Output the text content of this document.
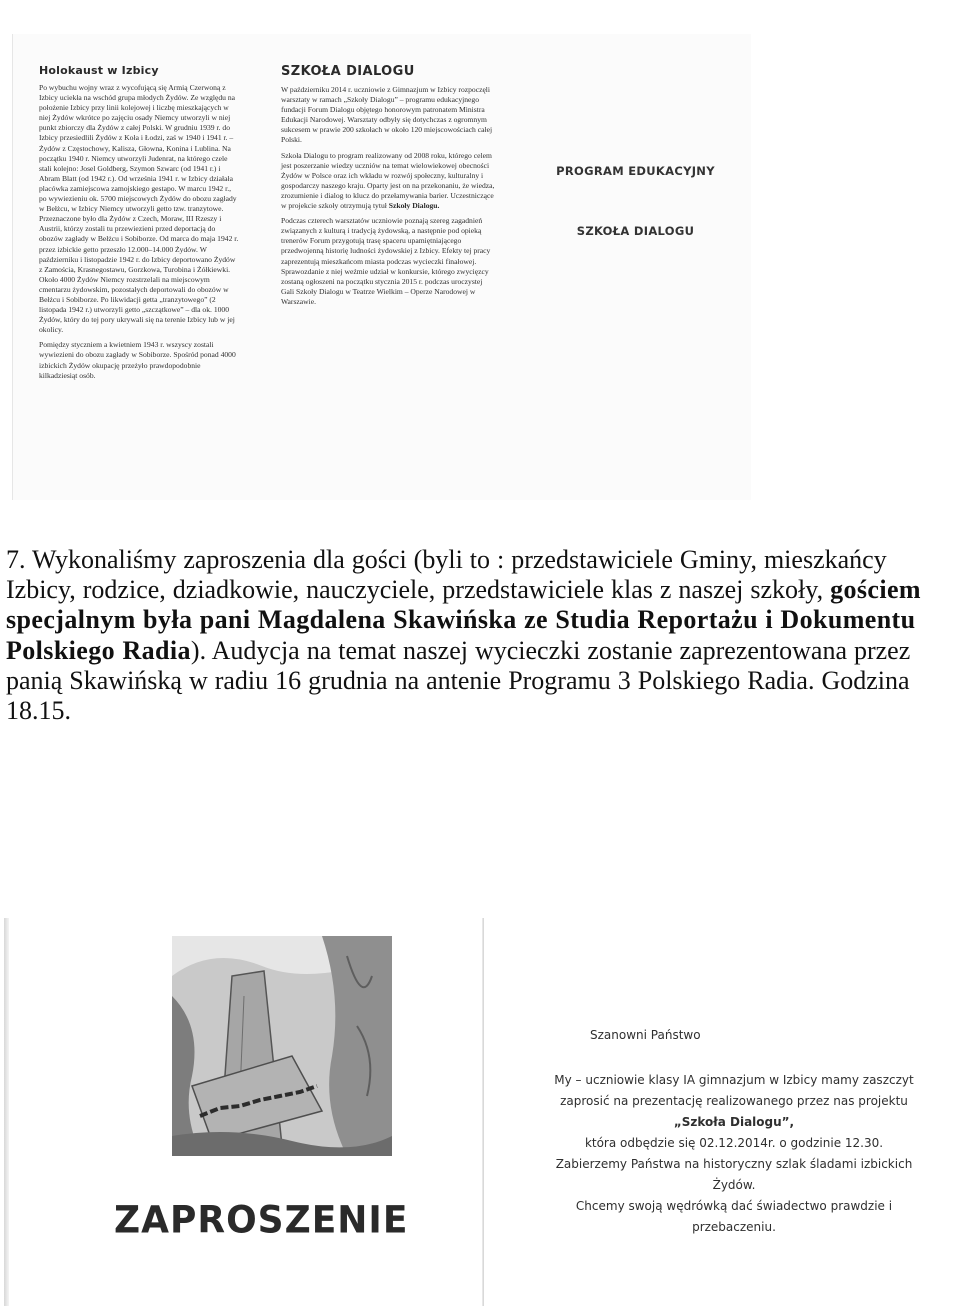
Holokaust w Izbicy

Po wybuchu wojny wraz z wycofującą się Armią Czerwoną z Izbicy uciekła na wschód grupa młodych Żydów. Ze względu na położenie Izbicy przy linii kolejowej i liczbę mieszkających w niej Żydów wkrótce po zajęciu osady Niemcy utworzyli w niej punkt zbiorczy dla Żydów z całej Polski. W grudniu 1939 r. do Izbicy przesiedlili Żydów z Koła i Łodzi, zaś w 1940 i 1941 r. – Żydów z Częstochowy, Kalisza, Głowna, Konina i Lublina. Na początku 1940 r. Niemcy utworzyli Judenrat, na którego czele stali kolejno: Josel Goldberg, Szymon Szwarc (od 1941 r.) i Abram Blatt (od 1942 r.). Od września 1941 r. w Izbicy działała placówka zamiejscowa zamojskiego gestapo. W marcu 1942 r., po wywiezieniu ok. 5700 miejscowych Żydów do obozu zagłady w Bełżcu, w Izbicy Niemcy utworzyli getto tzw. tranzytowe. Przeznaczone było dla Żydów z Czech, Moraw, III Rzeszy i Austrii, którzy zostali tu przewiezieni przed deportacją do obozów zagłady w Bełżcu i Sobiborze. Od marca do maja 1942 r. przez izbickie getto przeszło 12.000–14.000 Żydów. W październiku i listopadzie 1942 r. do Izbicy deportowano Żydów z Zamościa, Krasnegostawu, Gorzkowa, Turobina i Żółkiewki. Około 4000 Żydów Niemcy rozstrzelali na miejscowym cmentarzu żydowskim, pozostałych deportowali do obozów w Bełżcu i Sobiborze. Po likwidacji getta „tranzytowego” (2 listopada 1942 r.) utworzyli getto „szczątkowe” – dla ok. 1000 Żydów, który do tej pory ukrywali się na terenie Izbicy lub w jej okolicy.

Pomiędzy styczniem a kwietniem 1943 r. wszyscy zostali wywiezieni do obozu zagłady w Sobiborze. Spośród ponad 4000 izbickich Żydów okupację przeżyło prawdopodobnie kilkadziesiąt osób.

SZKOŁA DIALOGU

W październiku 2014 r. uczniowie z Gimnazjum w Izbicy rozpoczęli warsztaty w ramach „Szkoły Dialogu” – programu edukacyjnego fundacji Forum Dialogu objętego honorowym patronatem Ministra Edukacji Narodowej. Warsztaty odbyły się dotychczas z ogromnym sukcesem w prawie 200 szkołach w około 120 miejscowościach całej Polski.

Szkoła Dialogu to program realizowany od 2008 roku, którego celem jest poszerzanie wiedzy uczniów na temat wielowiekowej obecności Żydów w Polsce oraz ich wkładu w rozwój społeczny, kulturalny i gospodarczy naszego kraju. Oparty jest on na przekonaniu, że wiedza, zrozumienie i dialog to klucz do przełamywania barier. Uczestniczące w projekcie szkoły otrzymują tytuł Szkoły Dialogu.

Podczas czterech warsztatów uczniowie poznają szereg zagadnień związanych z kulturą i tradycją żydowską, a następnie pod opieką trenerów Forum przygotują trasę spaceru upamiętniającego przedwojenną historię ludności żydowskiej z Izbicy. Efekty tej pracy zaprezentują mieszkańcom miasta podczas wycieczki finałowej. Sprawozdanie z niej weźmie udział w konkursie, którego zwycięzcy zostaną ogłoszeni na początku stycznia 2015 r. podczas uroczystej Gali Szkoły Dialogu w Teatrze Wielkim – Operze Narodowej w Warszawie.

PROGRAM EDUKACYJNY

SZKOŁA DIALOGU

7. Wykonaliśmy zaproszenia dla gości (byli to : przedstawiciele Gminy, mieszkańcy Izbicy, rodzice, dziadkowie, nauczyciele, przedstawiciele klas z naszej szkoły, gościem specjalnym była pani Magdalena Skawińska ze Studia Reportażu i Dokumentu Polskiego Radia). Audycja na temat naszej wycieczki zostanie zaprezentowana przez panią Skawińską w radiu 16 grudnia na antenie Programu 3 Polskiego Radia. Godzina 18.15.
ZAPROSZENIE
Szanowni Państwo
My – uczniowie klasy IA gimnazjum w Izbicy mamy zaszczyt
zaprosić na prezentację realizowanego przez nas projektu
„Szkoła Dialogu”,
która odbędzie się 02.12.2014r. o godzinie 12.30.
Zabierzemy Państwa na historyczny szlak śladami izbickich Żydów.
Chcemy swoją wędrówką dać świadectwo prawdzie i przebaczeniu.
